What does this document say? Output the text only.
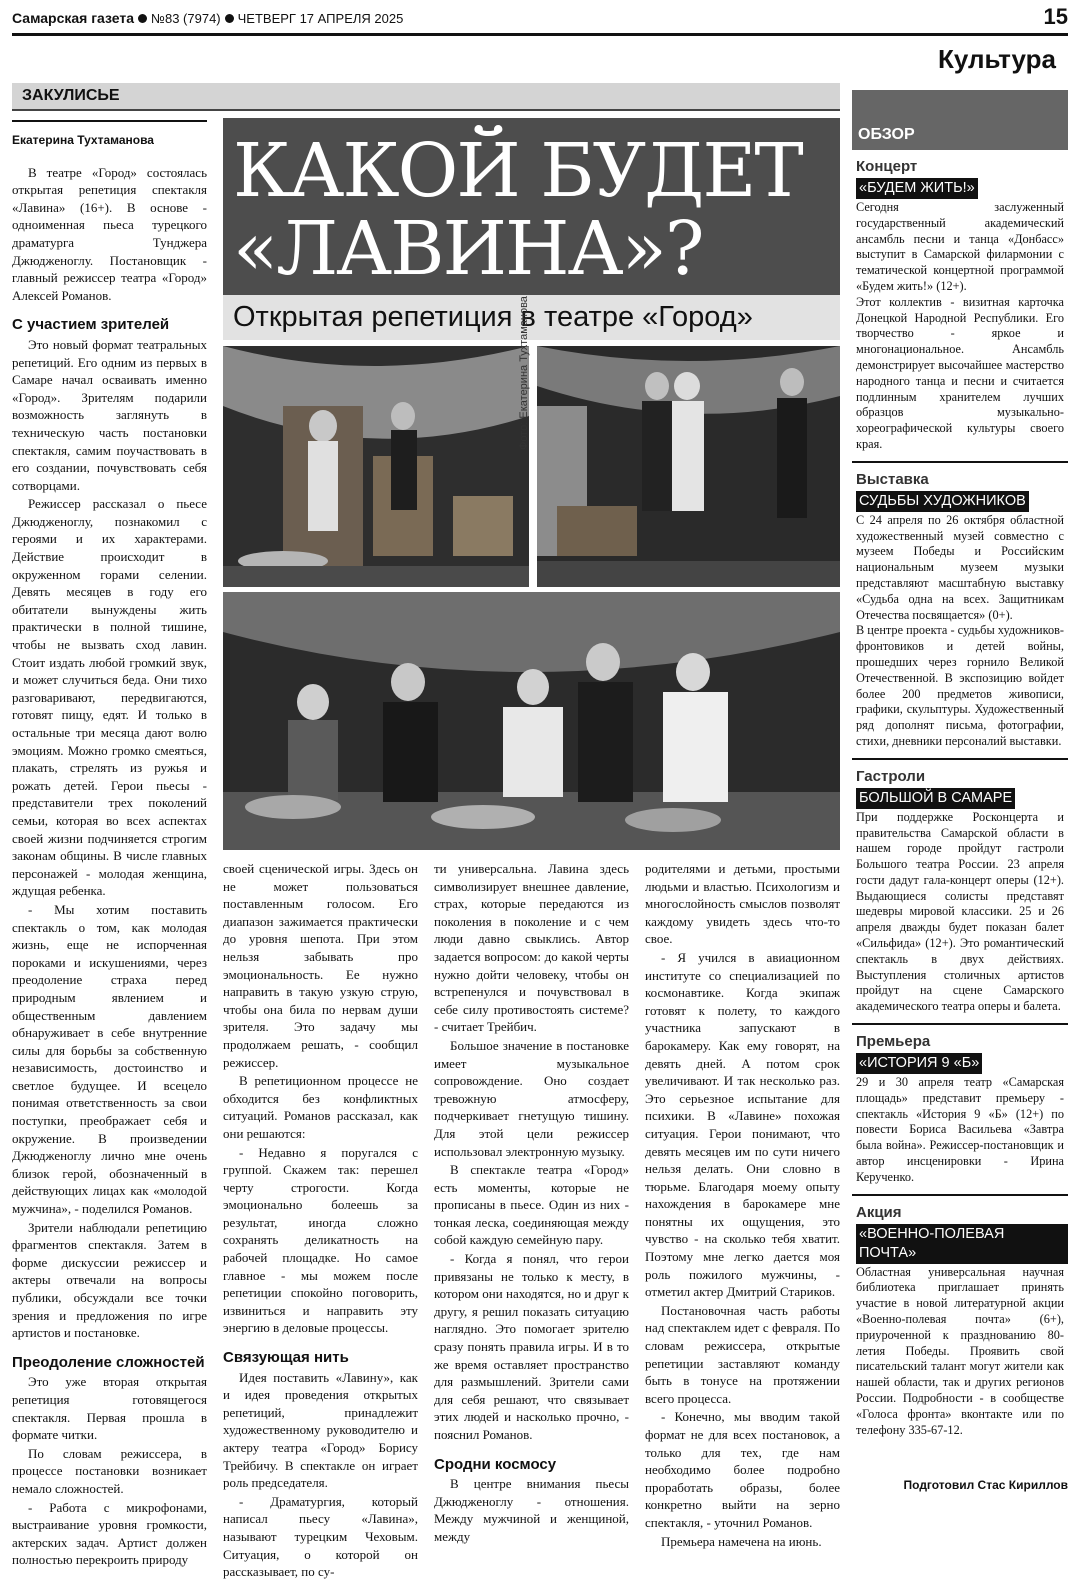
Самарская газета №83 (7974) ЧЕТВЕРГ 17 АПРЕЛЯ 2025	15
Культура
ЗАКУЛИСЬЕ
КАКОЙ БУДЕТ
«ЛАВИНА»?
Открытая репетиция в театре «Город»
Фото: Екатерина Тухтаманова
Екатерина Тухтаманова

В театре «Город» состоялась открытая репетиция спектакля «Лавина» (16+). В основе - одноименная пьеса турецкого драматурга Тунджера Джюдженоглу. Постановщик - главный режиссер театра «Город» Алексей Романов.

С участием зрителей

Это новый формат театральных репетиций. Его одним из первых в Самаре начал осваивать именно «Город». Зрителям подарили возможность заглянуть в техническую часть постановки спектакля, самим поучаствовать в его создании, почувствовать себя сотворцами.

Режиссер рассказал о пьесе Джюдженоглу, познакомил с героями и их характерами. Действие происходит в окруженном горами селении. Девять месяцев в году его обитатели вынуждены жить практически в полной тишине, чтобы не вызвать сход лавин. Стоит издать любой громкий звук, и может случиться беда. Они тихо разговаривают, передвигаются, готовят пищу, едят. И только в остальные три месяца дают волю эмоциям. Можно громко смеяться, плакать, стрелять из ружья и рожать детей. Герои пьесы - представители трех поколений семьи, которая во всех аспектах своей жизни подчиняется строгим законам общины. В числе главных персонажей - молодая женщина, ждущая ребенка.

- Мы хотим поставить спектакль о том, как молодая жизнь, еще не испорченная пороками и искушениями, через преодоление страха перед природным явлением и общественным давлением обнаруживает в себе внутренние силы для борьбы за собственную независимость, достоинство и светлое будущее. И всецело понимая ответственность за свои поступки, преображает себя и окружение. В произведении Джюдженоглу лично мне очень близок герой, обозначенный в действующих лицах как «молодой мужчина», - поделился Романов.

Зрители наблюдали репетицию фрагментов спектакля. Затем в форме дискуссии режиссер и актеры отвечали на вопросы публики, обсуждали все точки зрения и предложения по игре артистов и постановке.

Преодоление сложностей

Это уже вторая открытая репетиция готовящегося спектакля. Первая прошла в формате читки.

По словам режиссера, в процессе постановки возникает немало сложностей.

- Работа с микрофонами, выстраивание уровня громкости, актерских задач. Артист должен полностью перекроить природу

своей сценической игры. Здесь он не может пользоваться поставленным голосом. Его диапазон зажимается практически до уровня шепота. При этом нельзя забывать про эмоциональность. Ее нужно направить в такую узкую струю, чтобы она била по нервам души зрителя. Это задачу мы продолжаем решать, - сообщил режиссер.

В репетиционном процессе не обходится без конфликтных ситуаций. Романов рассказал, как они решаются:

- Недавно я поругался с группой. Скажем так: перешел черту строгости. Когда эмоционально болеешь за результат, иногда сложно сохранять деликатность на рабочей площадке. Но самое главное - мы можем после репетиции спокойно поговорить, извиниться и направить эту энергию в деловые процессы.

Связующая нить

Идея поставить «Лавину», как и идея проведения открытых репетиций, принадлежит художественному руководителю и актеру театра «Город» Борису Трейбичу. В спектакле он играет роль председателя.

- Драматургия, который написал пьесу «Лавина», называют турецким Чеховым. Ситуация, о которой он рассказывает, по су-

ти универсальна. Лавина здесь символизирует внешнее давление, страх, которые передаются из поколения в поколение и с чем люди давно свыклись. Автор задается вопросом: до какой черты нужно дойти человеку, чтобы он встрепенулся и почувствовал в себе силу противостоять системе? - считает Трейбич.

Большое значение в постановке имеет музыкальное сопровождение. Оно создает тревожную атмосферу, подчеркивает гнетущую тишину. Для этой цели режиссер использовал электронную музыку.

В спектакле театра «Город» есть моменты, которые не прописаны в пьесе. Один из них - тонкая леска, соединяющая между собой каждую семейную пару.

- Когда я понял, что герои привязаны не только к месту, в котором они находятся, но и друг к другу, я решил показать ситуацию наглядно. Это помогает зрителю сразу понять правила игры. И в то же время оставляет пространство для размышлений. Зрители сами для себя решают, что связывает этих людей и насколько прочно, - пояснил Романов.

Сродни космосу

В центре внимания пьесы Джюдженоглу - отношения. Между мужчиной и женщиной, между

родителями и детьми, простыми людьми и властью. Психологизм и многослойность смыслов позволят каждому увидеть здесь что-то свое.

- Я учился в авиационном институте со специализацией по космонавтике. Когда экипаж готовят к полету, то каждого участника запускают в барокамеру. Как ему говорят, на девять дней. А потом срок увеличивают. И так несколько раз. Это серьезное испытание для психики. В «Лавине» похожая ситуация. Герои понимают, что девять месяцев им по сути ничего нельзя делать. Они словно в тюрьме. Благодаря моему опыту нахождения в барокамере мне понятны их ощущения, это чувство - на сколько тебя хватит. Поэтому мне легко дается моя роль пожилого мужчины, - отметил актер Дмитрий Стариков.

Постановочная часть работы над спектаклем идет с февраля. По словам режиссера, открытые репетиции заставляют команду быть в тонусе на протяжении всего процесса.

- Конечно, мы вводим такой формат не для всех постановок, а только для тех, где нам необходимо более подробно проработать образы, более конкретно выйти на зерно спектакля, - уточнил Романов.

Премьера намечена на июнь.

ОБЗОР
Концерт
«БУДЕМ ЖИТЬ!»
Сегодня заслуженный государственный академический ансамбль песни и танца «Донбасс» выступит в Самарской филармонии с тематической концертной программой «Будем жить!» (12+).
Этот коллектив - визитная карточка Донецкой Народной Республики. Его творчество - яркое и многонациональное. Ансамбль демонстрирует высочайшее мастерство народного танца и песни и считается подлинным хранителем лучших образцов музыкально-хореографической культуры своего края.
Выставка
СУДЬБЫ ХУДОЖНИКОВ
С 24 апреля по 26 октября областной художественный музей совместно с музеем Победы и Российским национальным музеем музыки представляют масштабную выставку «Судьба одна на всех. Защитникам Отечества посвящается» (0+).
В центре проекта - судьбы художников-фронтовиков и детей войны, прошедших через горнило Великой Отечественной. В экспозицию войдет более 200 предметов живописи, графики, скульптуры. Художественный ряд дополнят письма, фотографии, стихи, дневники персоналий выставки.
Гастроли
БОЛЬШОЙ В САМАРЕ
При поддержке Росконцерта и правительства Самарской области в нашем городе пройдут гастроли Большого театра России. 23 апреля гости дадут гала-концерт оперы (12+). Выдающиеся солисты представят шедевры мировой классики. 25 и 26 апреля дважды будет показан балет «Сильфида» (12+). Это романтический спектакль в двух действиях. Выступления столичных артистов пройдут на сцене Самарского академического театра оперы и балета.
Премьера
«ИСТОРИЯ 9 «Б»
29 и 30 апреля театр «Самарская площадь» представит премьеру - спектакль «История 9 «Б» (12+) по повести Бориса Васильева «Завтра была война». Режиссер-постановщик и автор инсценировки - Ирина Керученко.
Акция
«ВОЕННО-ПОЛЕВАЯ ПОЧТА»
Областная универсальная научная библиотека приглашает принять участие в новой литературной акции «Военно-полевая почта» (6+), приуроченной к празднованию 80-летия Победы. Проявить свой писательский талант могут жители как нашей области, так и других регионов России. Подробности - в сообществе «Голоса фронта» вконтакте или по телефону 335-67-12.
Подготовил Стас Кириллов
